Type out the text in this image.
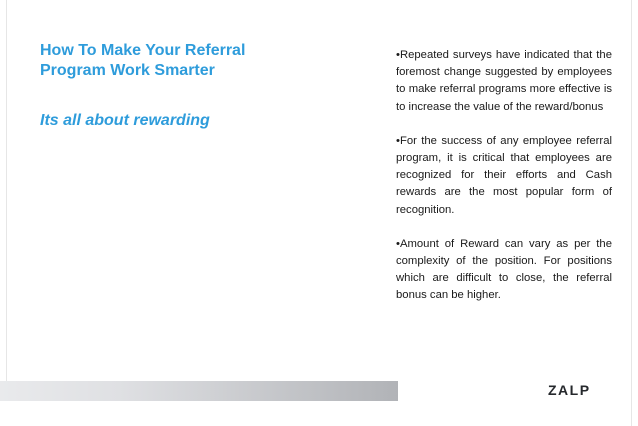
How To Make Your Referral Program Work Smarter
Its all about rewarding

•Repeated surveys have indicated that the foremost change suggested by employees to make referral programs more effective is to increase the value of the reward/bonus

•For the success of any employee referral program, it is critical that employees are recognized for their efforts and Cash rewards are the most popular form of recognition.

•Amount of Reward can vary as per the complexity of the position. For positions which are difficult to close, the referral bonus can be higher.

ZALP
